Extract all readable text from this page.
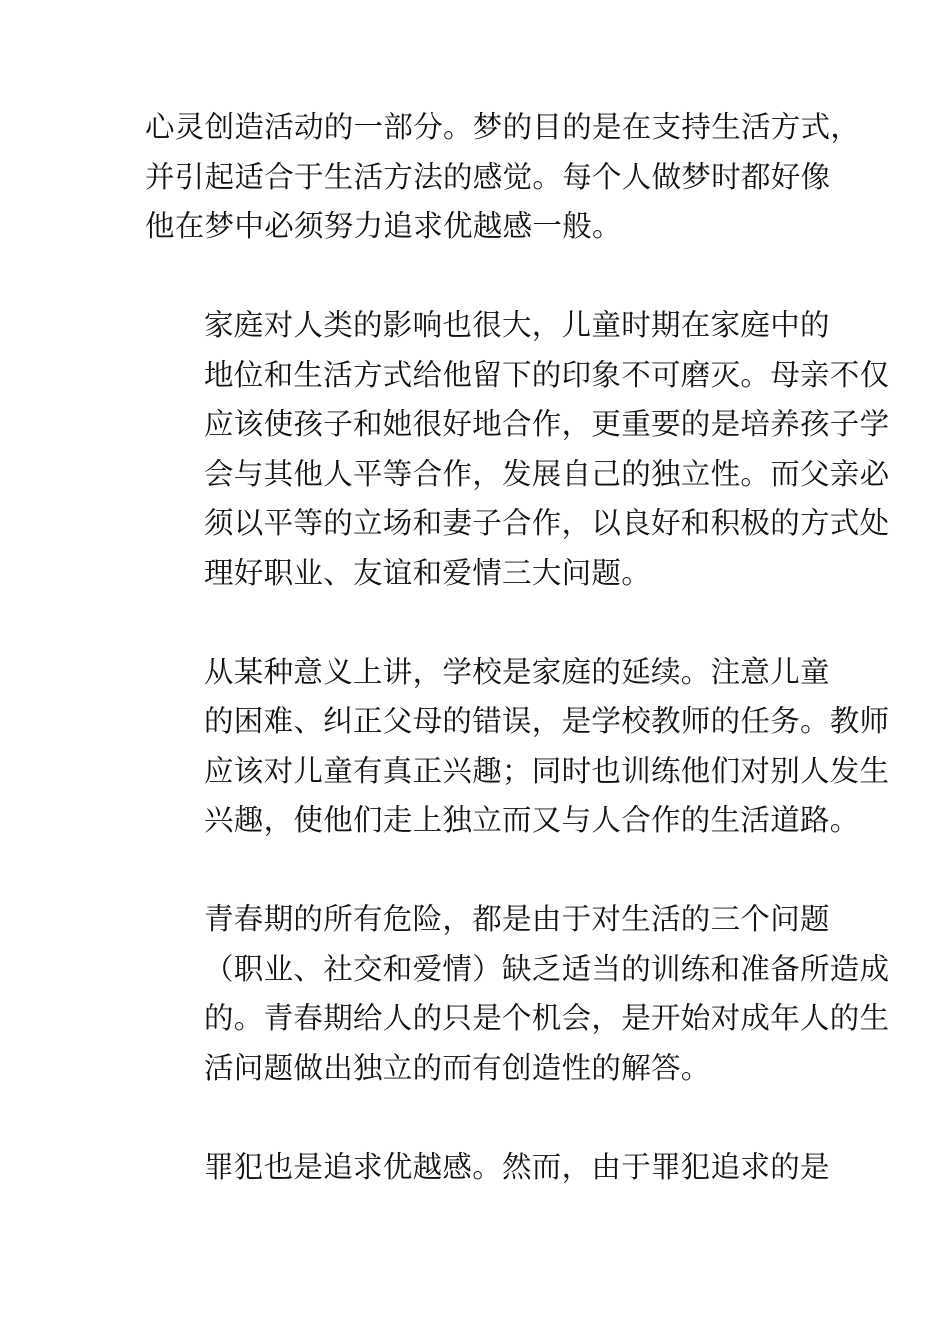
心灵创造活动的一部分。梦的目的是在支持生活方式，
并引起适合于生活方法的感觉。每个人做梦时都好像
他在梦中必须努力追求优越感一般。
家庭对人类的影响也很大，儿童时期在家庭中的
地位和生活方式给他留下的印象不可磨灭。母亲不仅
应该使孩子和她很好地合作，更重要的是培养孩子学
会与其他人平等合作，发展自己的独立性。而父亲必
须以平等的立场和妻子合作，以良好和积极的方式处
理好职业、友谊和爱情三大问题。
从某种意义上讲，学校是家庭的延续。注意儿童
的困难、纠正父母的错误，是学校教师的任务。教师
应该对儿童有真正兴趣；同时也训练他们对别人发生
兴趣，使他们走上独立而又与人合作的生活道路。
青春期的所有危险，都是由于对生活的三个问题
（职业、社交和爱情）缺乏适当的训练和准备所造成
的。青春期给人的只是个机会，是开始对成年人的生
活问题做出独立的而有创造性的解答。
罪犯也是追求优越感。然而，由于罪犯追求的是
